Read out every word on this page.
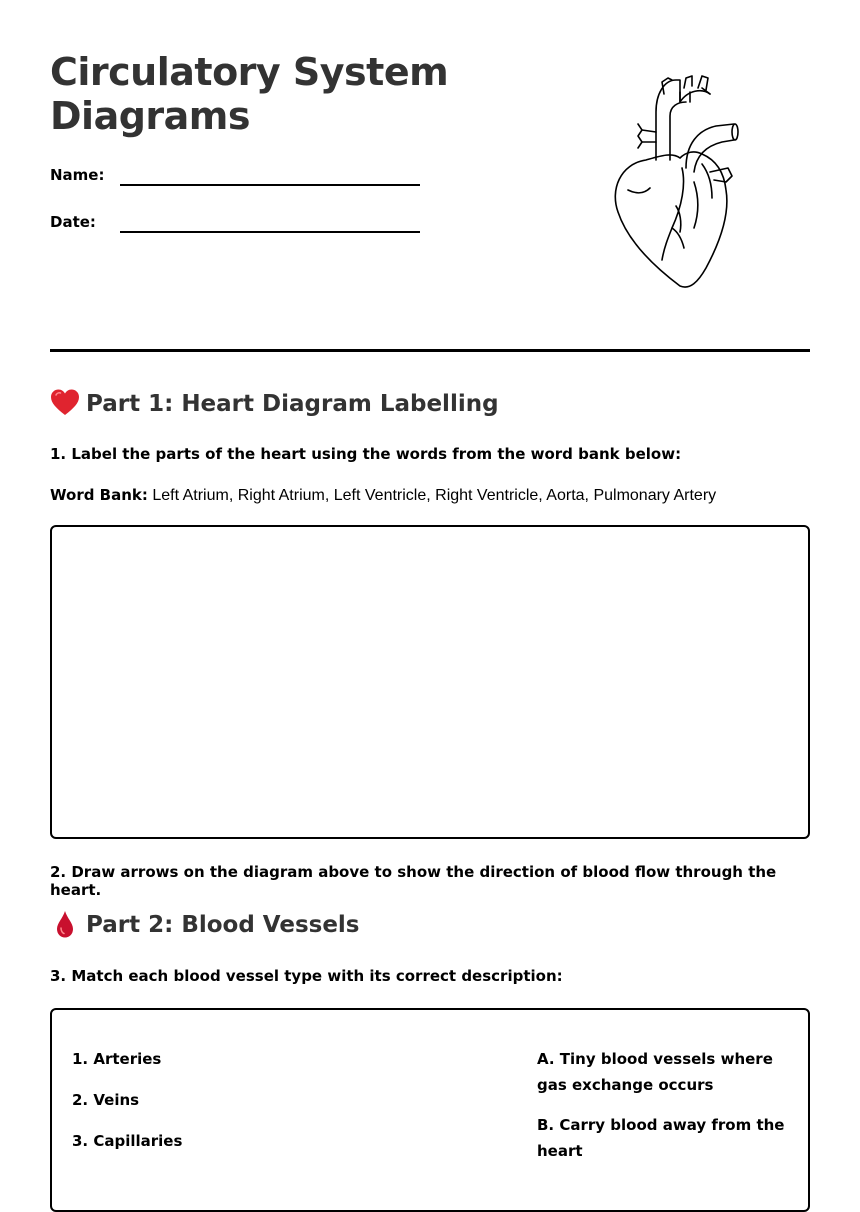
Circulatory System Diagrams
Name:
Date:
Part 1: Heart Diagram Labelling

1. Label the parts of the heart using the words from the word bank below:

Word Bank: Left Atrium, Right Atrium, Left Ventricle, Right Ventricle, Aorta, Pulmonary Artery

2. Draw arrows on the diagram above to show the direction of blood flow through the heart.

Part 2: Blood Vessels

3. Match each blood vessel type with its correct description:

1. Arteries
2. Veins
3. Capillaries
A. Tiny blood vessels where gas exchange occurs
B. Carry blood away from the heart
